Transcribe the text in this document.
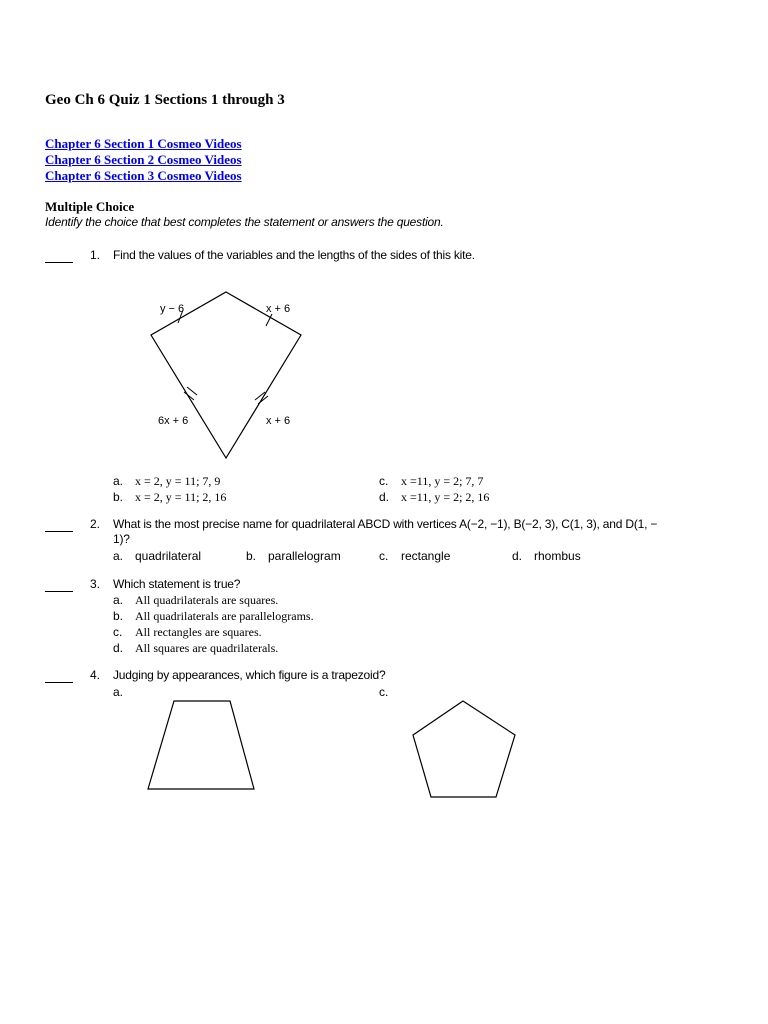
Geo Ch 6 Quiz 1 Sections 1 through 3
Chapter 6 Section 1 Cosmeo Videos
Chapter 6 Section 2 Cosmeo Videos
Chapter 6 Section 3 Cosmeo Videos
Multiple Choice
Identify the choice that best completes the statement or answers the question.
1. Find the values of the variables and the lengths of the sides of this kite.
y − 6	x + 6
6x + 6	x + 6
a. x = 2, y = 11; 7, 9
b. x = 2, y = 11; 2, 16
c. x =11, y = 2; 7, 7
d. x =11, y = 2; 2, 16
2. What is the most precise name for quadrilateral ABCD with vertices A(−2, −1), B(−2, 3), C(1, 3), and D(1, −
1)?
a. quadrilateral	b. parallelogram	c. rectangle	d. rhombus
3. Which statement is true?
a. All quadrilaterals are squares.
b. All quadrilaterals are parallelograms.
c. All rectangles are squares.
d. All squares are quadrilaterals.
4. Judging by appearances, which figure is a trapezoid?
a.	c.
